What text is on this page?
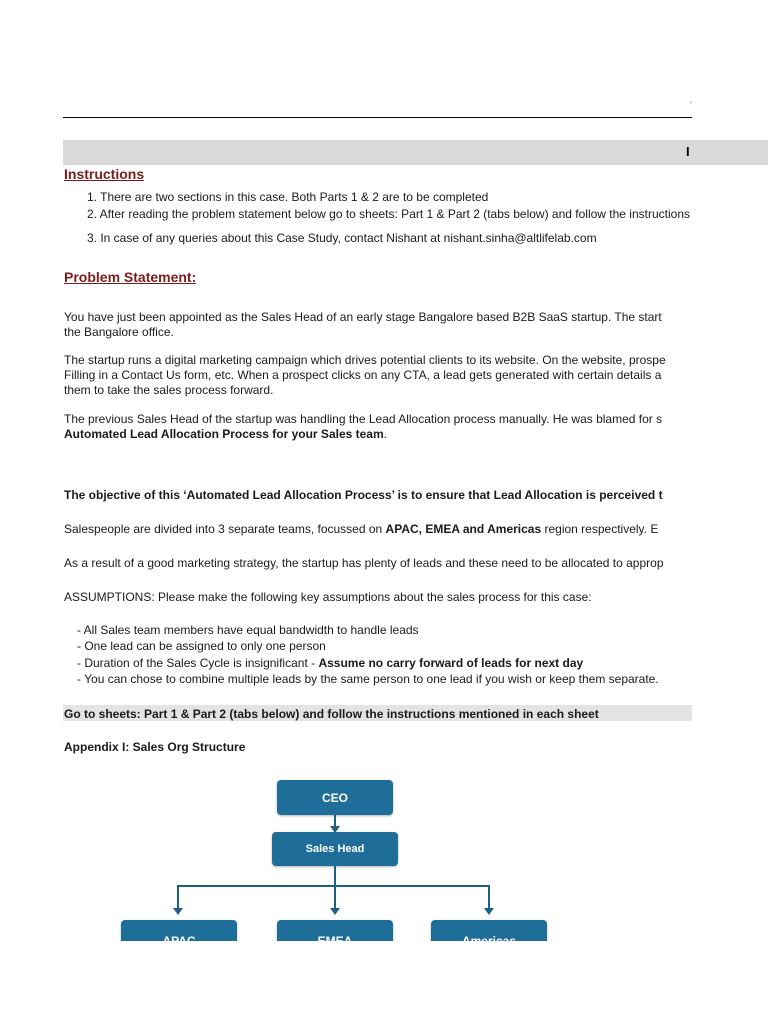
'
I
Instructions
1. There are two sections in this case. Both Parts 1 & 2 are to be completed
2. After reading the problem statement below go to sheets: Part 1 & Part 2 (tabs below) and follow the instructions
3. In case of any queries about this Case Study, contact Nishant at nishant.sinha@altlifelab.com
Problem Statement:
You have just been appointed as the Sales Head of an early stage Bangalore based B2B SaaS startup. The start
the Bangalore office.
The startup runs a digital marketing campaign which drives potential clients to its website. On the website, prospe
Filling in a Contact Us form, etc. When a prospect clicks on any CTA, a lead gets generated with certain details a
them to take the sales process forward.
The previous Sales Head of the startup was handling the Lead Allocation process manually. He was blamed for s
Automated Lead Allocation Process for your Sales team.
The objective of this ‘Automated Lead Allocation Process’ is to ensure that Lead Allocation is perceived t
Salespeople are divided into 3 separate teams, focussed on APAC, EMEA and Americas region respectively. E
As a result of a good marketing strategy, the startup has plenty of leads and these need to be allocated to approp
ASSUMPTIONS: Please make the following key assumptions about the sales process for this case:
- All Sales team members have equal bandwidth to handle leads
- One lead can be assigned to only one person
- Duration of the Sales Cycle is insignificant - Assume no carry forward of leads for next day
- You can chose to combine multiple leads by the same person to one lead if you wish or keep them separate.
Go to sheets: Part 1 & Part 2 (tabs below) and follow the instructions mentioned in each sheet
Appendix I: Sales Org Structure
CEO
Sales Head
